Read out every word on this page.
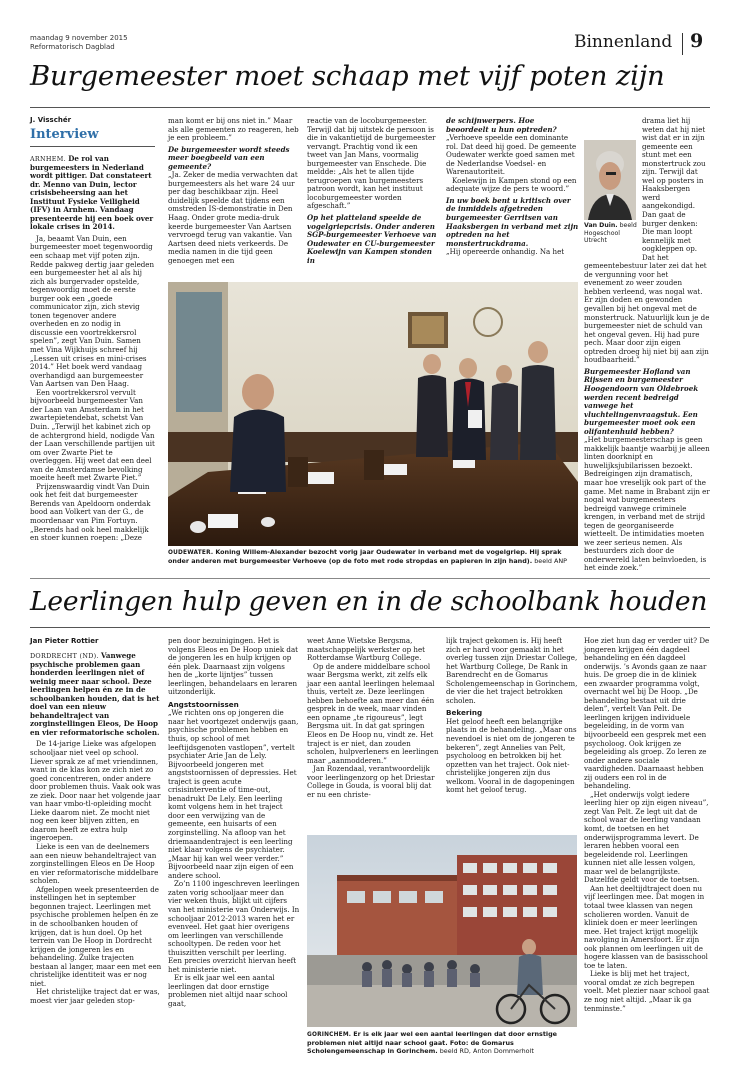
maandag 9 november 2015
Reformatorisch Dagblad	Binnenland 9
Burgemeester moet schaap met vijf poten zijn
J. Visschér
Interview

ARNHEM. De rol van burgemeesters in Nederland wordt pittiger. Dat constateert dr. Menno van Duin, lector crisisbeheersing aan het Instituut Fysieke Veiligheid (IFV) in Arnhem. Vandaag presenteerde hij een boek over lokale crises in 2014.

Ja, beaamt Van Duin, een burgemeester moet tegenwoordig een schaap met vijf poten zijn. Redde pakweg dertig jaar geleden een burgemeester het al als hij zich als burgervader opstelde, tegenwoordig moet de eerste burger ook een „goede communicator zijn, zich stevig tonen tegenover andere overheden en zo nodig in discussie een voortrekkersrol spelen”, zegt Van Duin. Samen met Vina Wijkhuijs schreef hij „Lessen uit crises en mini-crises 2014.” Het boek werd vandaag overhandigd aan burgemeester Van Aartsen van Den Haag.

Een voortrekkersrol vervult bijvoorbeeld burgemeester Van der Laan van Amsterdam in het zwartepietendebat, schetst Van Duin. „Terwijl het kabinet zich op de achtergrond hield, nodigde Van der Laan verschillende partijen uit om over Zwarte Piet te overleggen. Hij weet dat een deel van de Amsterdamse bevolking moeite heeft met Zwarte Piet.”

Prijzenswaardig vindt Van Duin ook het feit dat burgemeester Berends van Apeldoorn onderdak bood aan Volkert van der G., de moordenaar van Pim Fortuyn. „Berends had ook heel makkelijk en stoer kunnen roepen: „Deze

man komt er bij ons niet in.” Maar als alle gemeenten zo reageren, heb je een probleem.”

De burgemeester wordt steeds meer boegbeeld van een gemeente?

„Ja. Zeker de media verwachten dat burgemeesters als het ware 24 uur per dag beschikbaar zijn. Heel duidelijk speelde dat tijdens een omstreden IS-demonstratie in Den Haag. Onder grote media-druk keerde burgemeester Van Aartsen vervroegd terug van vakantie. Van Aartsen deed niets verkeerds. De media namen in die tijd geen genoegen met een

reactie van de locoburgemeester. Terwijl dat bij uitstek de persoon is die in vakantietijd de burgemeester vervangt. Prachtig vond ik een tweet van Jan Mans, voormalig burgemeester van Enschede. Die meldde: „Als het te allen tijde terugroepen van burgemeesters patroon wordt, kan het instituut locoburgemeester worden afgeschaft.”

Op het platteland speelde de vogelgriepcrisis. Onder anderen SGP-burgemeester Verhoeve van Oudewater en CU-burgemeester Koelewijn van Kampen stonden in

de schijnwerpers. Hoe beoordeelt u hun optreden?

„Verhoeve speelde een dominante rol. Dat deed hij goed. De gemeente Oudewater werkte goed samen met de Nederlandse Voedsel- en Warenautoriteit.

Koelewijn in Kampen stond op een adequate wijze de pers te woord.”

In uw boek bent u kritisch over de inmiddels afgetreden burgemeester Gerritsen van Haaksbergen in verband met zijn optreden na het monstertruckdrama.

„Hij opereerde onhandig. Na het

Van Duin. beeld Hogeschool Utrecht

drama liet hij weten dat hij niet wist dat er in zijn gemeente een stunt met een monstertruck zou zijn. Terwijl dat wel op posters in Haaksbergen werd aangekondigd. Dan gaat de burger denken: Die man loopt kennelijk met oogkleppen op. Dat het gemeentebestuur later zei dat het de vergunning voor het evenement zo weer zouden hebben verleend, was nogal wat. Er zijn doden en gewonden gevallen bij het ongeval met de monstertruck. Natuurlijk kun je de burgemeester niet de schuld van het ongeval geven. Hij had pure pech. Maar door zijn eigen optreden droeg hij niet bij aan zijn houdbaarheid.”

Burgemeester Hofland van Rijssen en burgemeester Hoogendoorn van Oldebroek werden recent bedreigd vanwege het vluchtelingenvraagstuk. Een burgemeester moet ook een olifantenhuid hebben?

„Het burgemeesterschap is geen makkelijk baantje waarbij je alleen linten doorknipt en huwelijksjubilarissen bezoekt. Bedreigingen zijn dramatisch, maar hoe vreselijk ook part of the game. Met name in Brabant zijn er nogal wat burgemeesters bedreigd vanwege criminele krengen, in verband met de strijd tegen de georganiseerde wietteelt. De intimidaties moeten we zeer serieus nemen. Als bestuurders zich door de onderwereld laten beïnvloeden, is het einde zoek.”

OUDEWATER. Koning Willem-Alexander bezocht vorig jaar Oudewater in verband met de vogelgriep. Hij sprak onder anderen met burgemeester Verhoeve (op de foto met rode stropdas en papieren in zijn hand). beeld ANP
Leerlingen hulp geven en in de schoolbank houden
Jan Pieter Rottier

DORDRECHT (ND). Vanwege psychische problemen gaan honderden leerlingen niet of weinig meer naar school. Deze leerlingen helpen én ze in de schoolbanken houden, dat is het doel van een nieuw behandeltraject van zorginstellingen Eleos, De Hoop en vier reformatorische scholen.

De 14-jarige Lieke was afgelopen schooljaar niet veel op school. Liever sprak ze af met vriendinnen, want in de klas kon ze zich niet zo goed concentreren, onder andere door problemen thuis. Vaak ook was ze ziek. Door naar het volgende jaar van haar vmbo-tl-opleiding mocht Lieke daarom niet. Ze mocht niet nog een keer blijven zitten, en daarom heeft ze extra hulp ingeroepen.

Lieke is een van de deelnemers aan een nieuw behandeltraject van zorginstellingen Eleos en De Hoop en vier reformatorische middelbare scholen.

Afgelopen week presenteerden de instellingen het in september begonnen traject. Leerlingen met psychische problemen helpen én ze in de schoolbanken houden of krijgen, dat is hun doel. Op het terrein van De Hoop in Dordrecht krijgen de jongeren les en behandeling. Zulke trajecten bestaan al langer, maar een met een christelijke identiteit was er nog niet.

Het christelijke traject dat er was, moest vier jaar geleden stop-

pen door bezuinigingen. Het is volgens Eleos en De Hoop uniek dat de jongeren les en hulp krijgen op één plek. Daarnaast zijn volgens hen de „korte lijntjes” tussen leerlingen, behandelaars en leraren uitzonderlijk.

Angststoornissen

„We richten ons op jongeren die naar het voortgezet onderwijs gaan, psychische problemen hebben en thuis, op school of met leeftijdsgenoten vastlopen”, vertelt psychiater Arie Jan de Lely. Bijvoorbeeld jongeren met angststoornissen of depressies. Het traject is geen acute crisisinterventie of time-out, benadrukt De Lely. Een leerling komt volgens hem in het traject door een verwijzing van de gemeente, een huisarts of een zorginstelling. Na afloop van het driemaandentraject is een leerling niet klaar volgens de psychiater. „Maar hij kan wel weer verder.” Bijvoorbeeld naar zijn eigen of een andere school.

Zo’n 1100 ingeschreven leerlingen zaten vorig schooljaar meer dan vier weken thuis, blijkt uit cijfers van het ministerie van Onderwijs. In schooljaar 2012-2013 waren het er evenveel. Het gaat hier overigens om leerlingen van verschillende schooltypen. De reden voor het thuiszitten verschilt per leerling. Een precies overzicht hiervan heeft het ministerie niet.

Er is elk jaar wel een aantal leerlingen dat door ernstige problemen niet altijd naar school gaat,

weet Anne Wietske Bergsma, maatschappelijk werkster op het Rotterdamse Wartburg College.

Op de andere middelbare school waar Bergsma werkt, zit zelfs elk jaar een aantal leerlingen helemaal thuis, vertelt ze. Deze leerlingen hebben behoefte aan meer dan één gesprek in de week, maar vinden een opname „te rigoureus”, legt Bergsma uit. In dat gat springen Eleos en De Hoop nu, vindt ze. Het traject is er niet, dan zouden scholen, hulpverleners en leerlingen maar „aanmodderen.”

Jan Rozendaal, verantwoordelijk voor leerlingenzorg op het Driestar College in Gouda, is vooral blij dat er nu een christe-

lijk traject gekomen is. Hij heeft zich er hard voor gemaakt in het overleg tussen zijn Driestar College, het Wartburg College, De Rank in Barendrecht en de Gomarus Scholengemeenschap in Gorinchem, de vier die het traject betrokken scholen.

Bekering

Het geloof heeft een belangrijke plaats in de behandeling. „Maar ons nevendoel is niet om de jongeren te bekeren”, zegt Annelies van Pelt, psycholoog en betrokken bij het opzetten van het traject. Ook niet-christelijke jongeren zijn dus welkom. Vooral in de dagopeningen komt het geloof terug.

Hoe ziet hun dag er verder uit? De jongeren krijgen één dagdeel behandeling en één dagdeel onderwijs. ’s Avonds gaan ze naar huis. De groep die in de kliniek een zwaarder programma volgt, overnacht wel bij De Hoop. „De behandeling bestaat uit drie delen”, vertelt Van Pelt. De leerlingen krijgen individuele begeleiding, in de vorm van bijvoorbeeld een gesprek met een psycholoog. Ook krijgen ze begeleiding als groep. Zo leren ze onder andere sociale vaardigheden. Daarnaast hebben zij ouders een rol in de behandeling.

„Het onderwijs volgt iedere leerling hier op zijn eigen niveau”, zegt Van Pelt. Ze legt uit dat de school waar de leerling vandaan komt, de toetsen en het onderwijsprogramma levert. De leraren hebben vooral een begeleidende rol. Leerlingen kunnen niet alle lessen volgen, maar wel de belangrijkste. Datzelfde geldt voor de toetsen.

Aan het deeltijdtraject doen nu vijf leerlingen mee. Dat mogen in totaal twee klassen van negen scholieren worden. Vanuit de kliniek doen er meer leerlingen mee. Het traject krijgt mogelijk navolging in Amersfoort. Er zijn ook plannen om leerlingen uit de hogere klassen van de basisschool toe te laten.

Lieke is blij met het traject, vooral omdat ze zich begrepen voelt. Met plezier naar school gaat ze nog niet altijd. „Maar ik ga tenminste.”

GORINCHEM. Er is elk jaar wel een aantal leerlingen dat door ernstige problemen niet altijd naar school gaat. Foto: de Gomarus Scholengemeenschap in Gorinchem. beeld RD, Anton Dommerholt
